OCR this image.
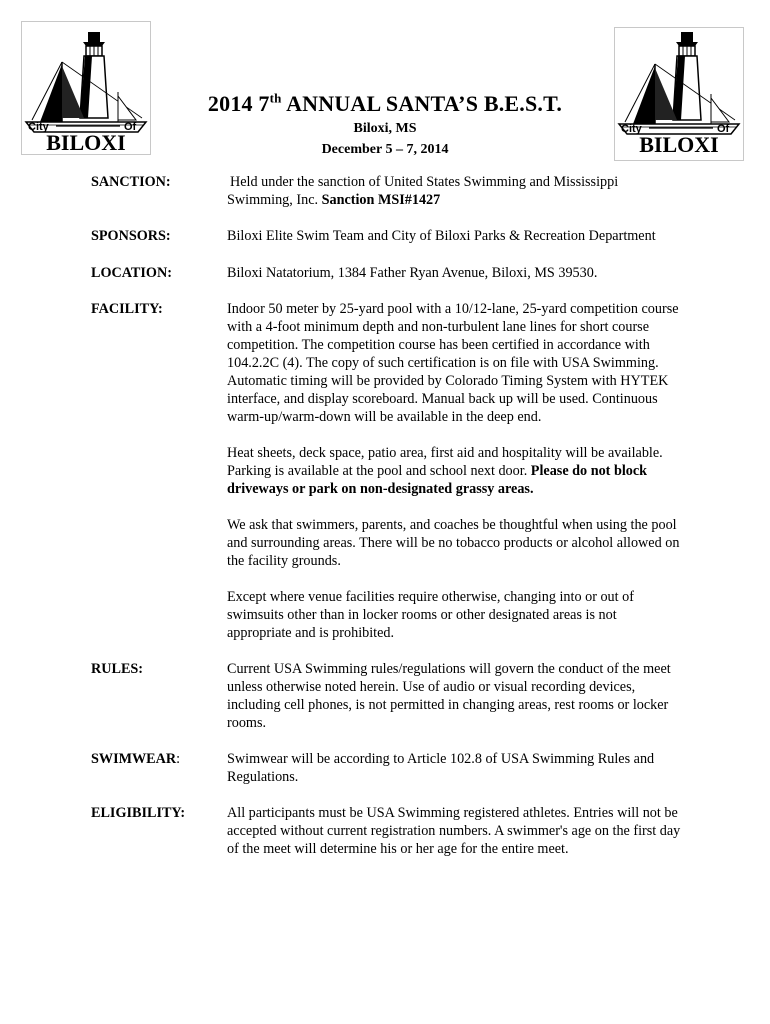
City	Of
BILOXI
City	Of
BILOXI
2014 7th ANNUAL SANTA’S B.E.S.T.
Biloxi, MS
December 5 – 7, 2014
SANCTION:	Held under the sanction of United States Swimming and Mississippi Swimming, Inc. Sanction MSI#1427

SPONSORS:	Biloxi Elite Swim Team and City of Biloxi Parks & Recreation Department

LOCATION:	Biloxi Natatorium, 1384 Father Ryan Avenue, Biloxi, MS 39530.

FACILITY:	Indoor 50 meter by 25-yard pool with a 10/12-lane, 25-yard competition course with a 4-foot minimum depth and non-turbulent lane lines for short course competition. The competition course has been certified in accordance with 104.2.2C (4). The copy of such certification is on file with USA Swimming. Automatic timing will be provided by Colorado Timing System with HYTEK interface, and display scoreboard. Manual back up will be used. Continuous warm-up/warm-down will be available in the deep end.

Heat sheets, deck space, patio area, first aid and hospitality will be available. Parking is available at the pool and school next door. Please do not block driveways or park on non-designated grassy areas.

We ask that swimmers, parents, and coaches be thoughtful when using the pool and surrounding areas. There will be no tobacco products or alcohol allowed on the facility grounds.

Except where venue facilities require otherwise, changing into or out of swimsuits other than in locker rooms or other designated areas is not appropriate and is prohibited.

RULES:	Current USA Swimming rules/regulations will govern the conduct of the meet unless otherwise noted herein. Use of audio or visual recording devices, including cell phones, is not permitted in changing areas, rest rooms or locker rooms.

SWIMWEAR:	Swimwear will be according to Article 102.8 of USA Swimming Rules and Regulations.

ELIGIBILITY:	All participants must be USA Swimming registered athletes. Entries will not be accepted without current registration numbers. A swimmer's age on the first day of the meet will determine his or her age for the entire meet.
